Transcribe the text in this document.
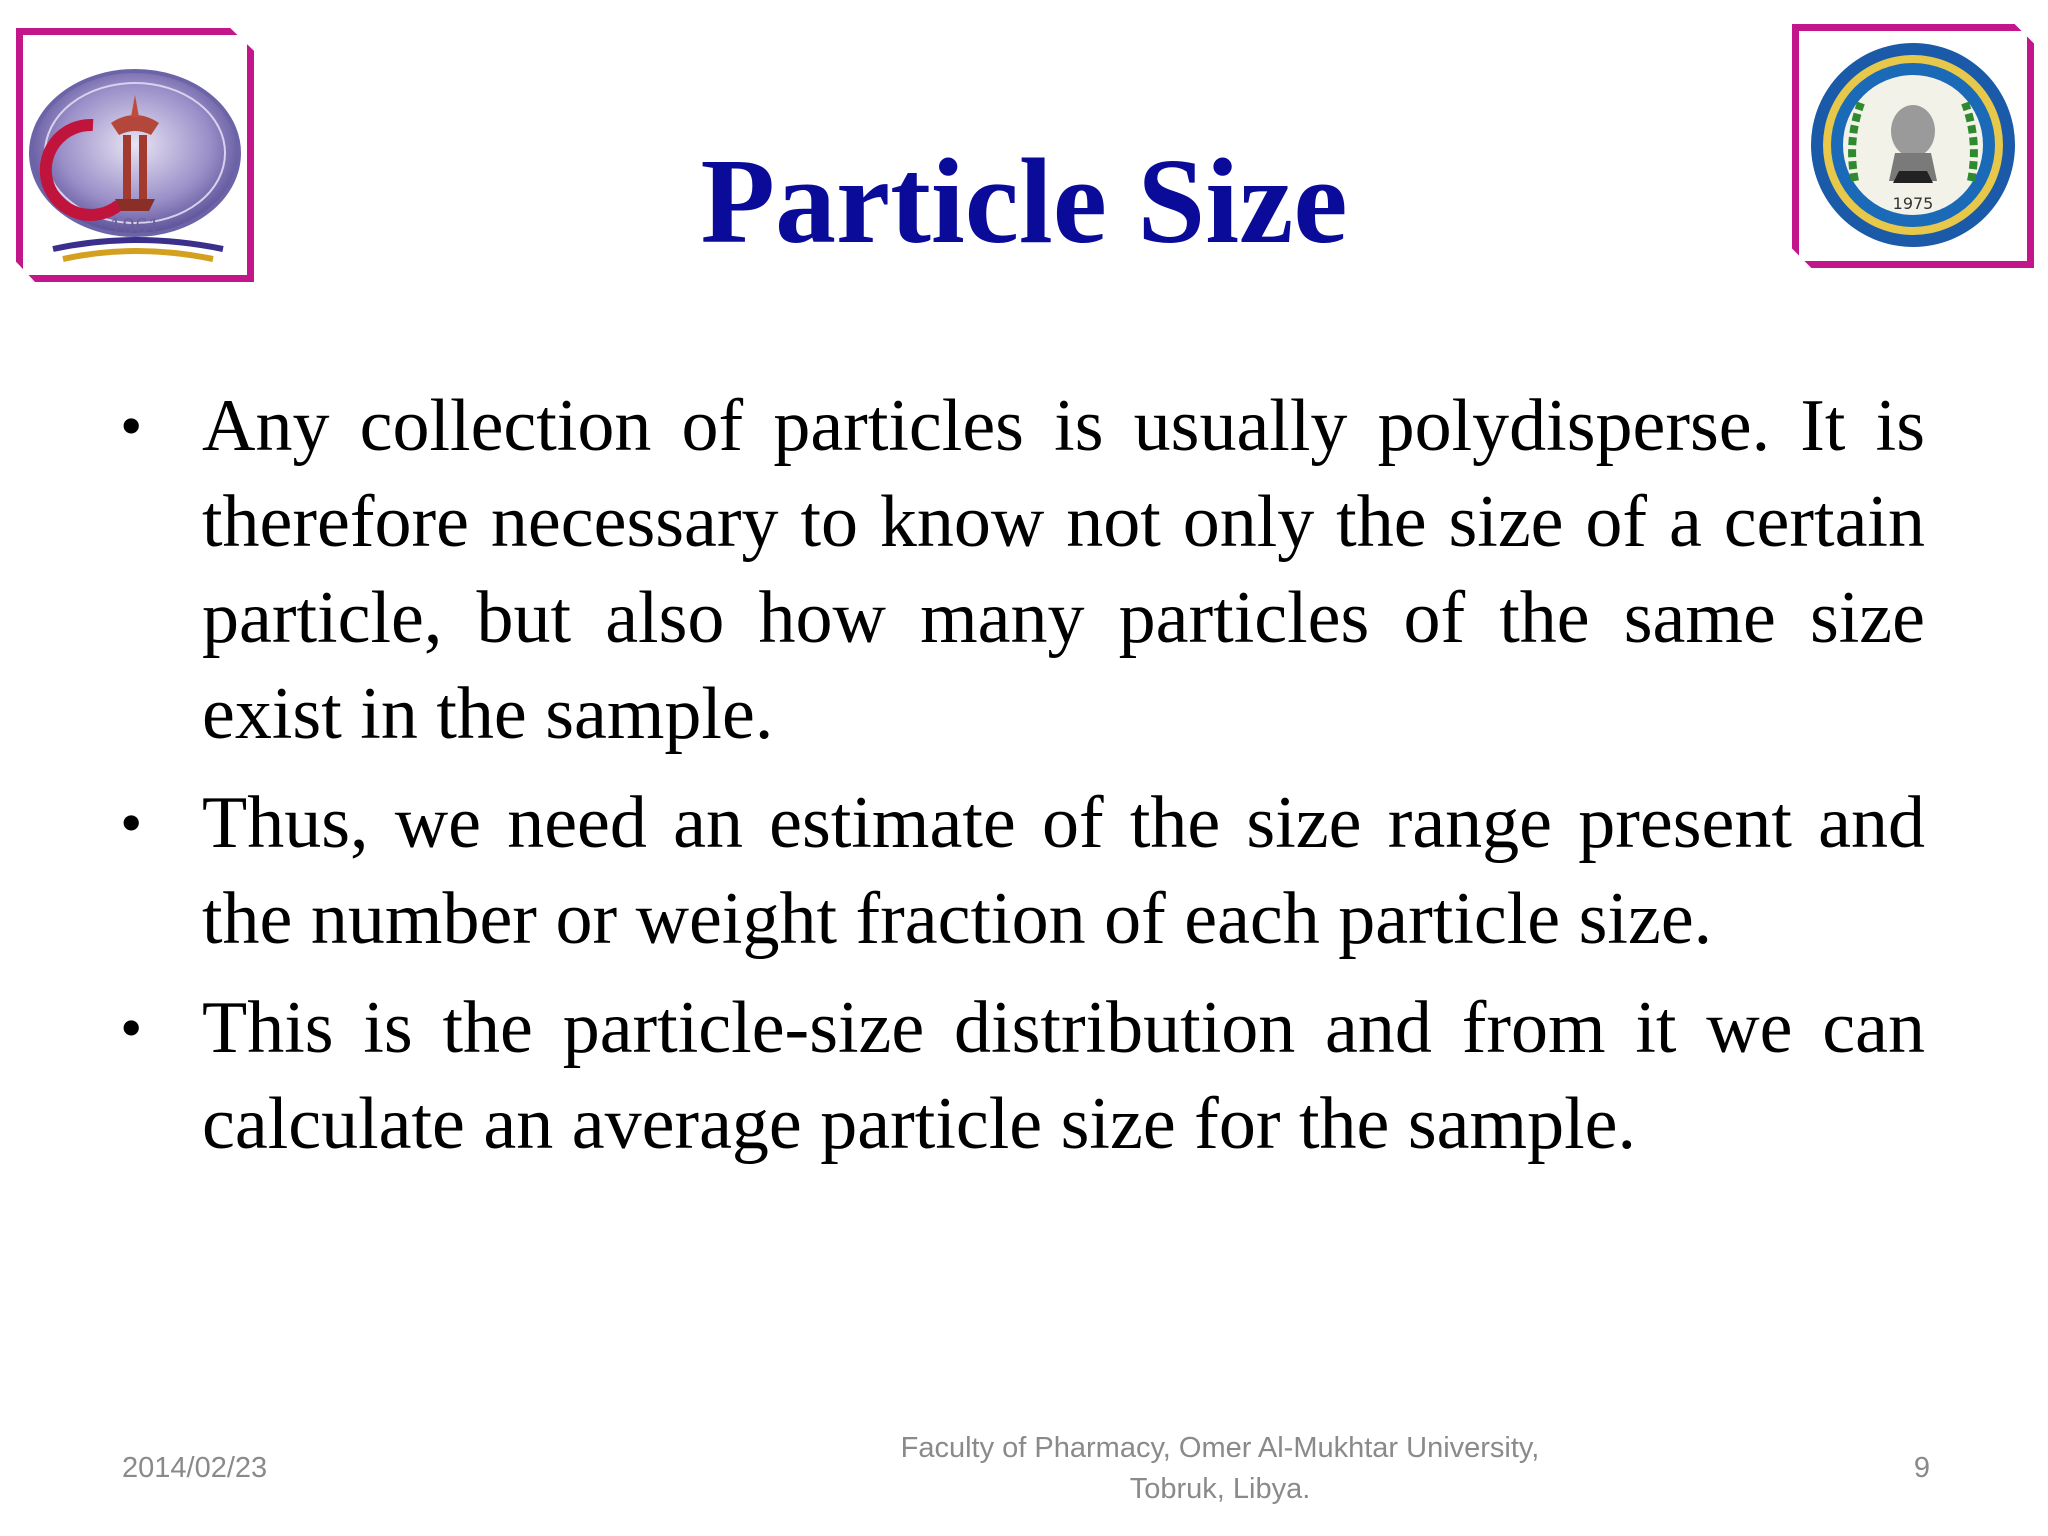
1961
1975
Particle Size
• Any collection of particles is usually polydisperse. It is therefore necessary to know not only the size of a certain particle, but also how many particles of the same size exist in the sample.
• Thus, we need an estimate of the size range present and the number or weight fraction of each particle size.
• This is the particle-size distribution and from it we can calculate an average particle size for the sample.
2014/02/23
Faculty of Pharmacy, Omer Al-Mukhtar University,
Tobruk, Libya.
9
